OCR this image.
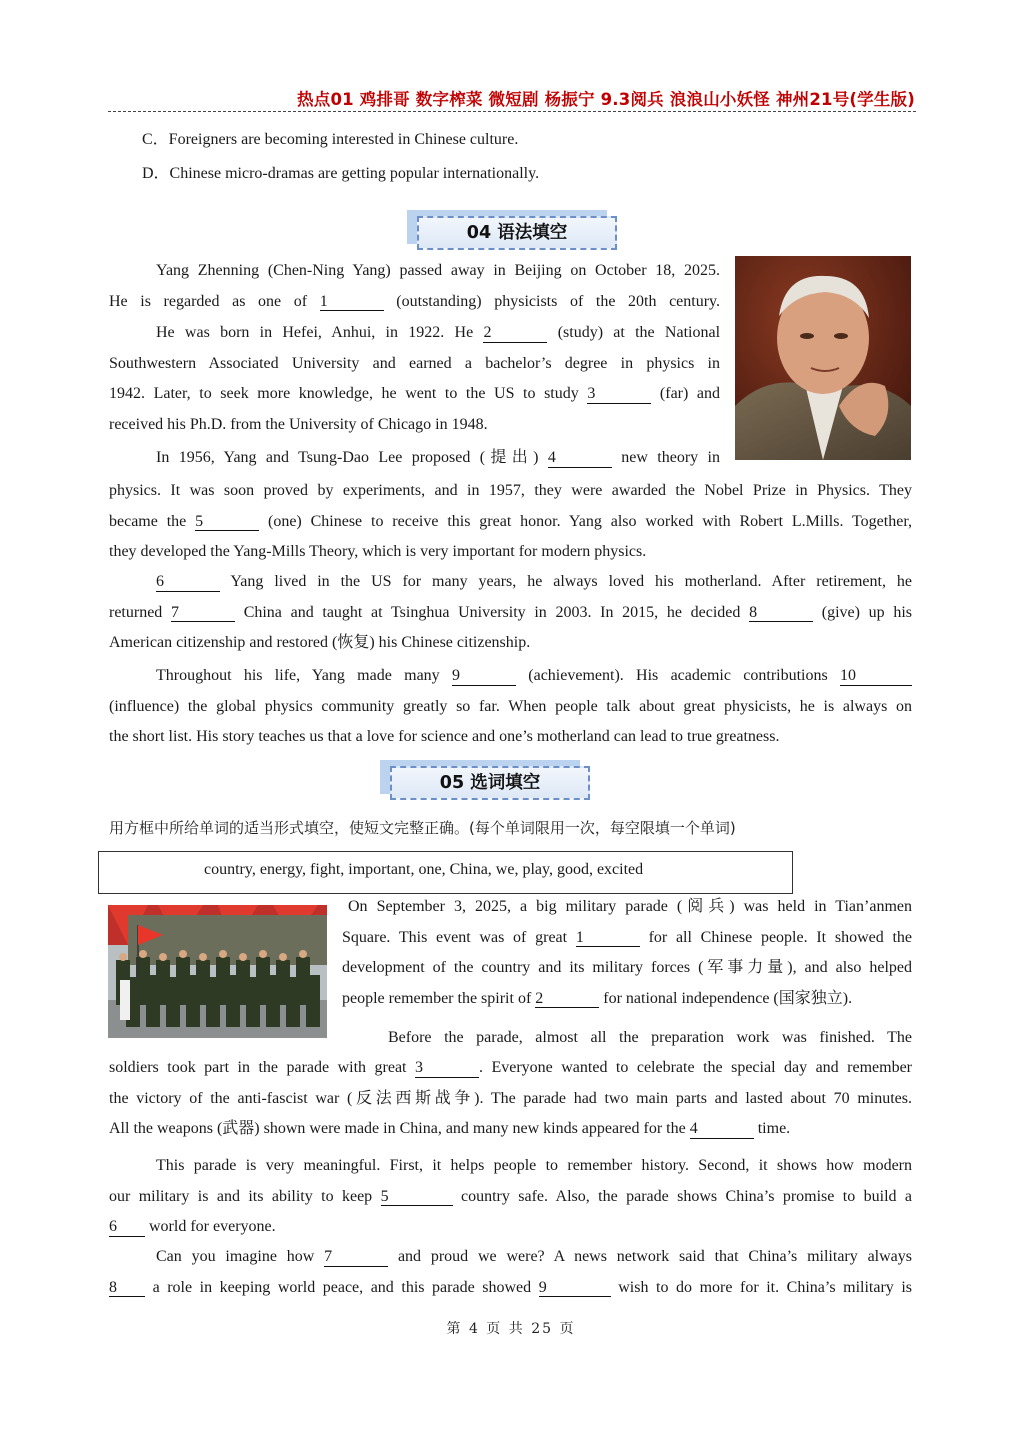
热点01 鸡排哥 数字榨菜 微短剧 杨振宁 9.3阅兵 浪浪山小妖怪 神州21号(学生版)
C．Foreigners are becoming interested in Chinese culture.
D．Chinese micro-dramas are getting popular internationally.
04 语法填空
Yang Zhenning (Chen-Ning Yang) passed away in Beijing on October 18, 2025.
He is regarded as one of 1	(outstanding) physicists of the 20th century.
He was born in Hefei, Anhui, in 1922. He 2	(study) at the National
Southwestern Associated University and earned a bachelor’s degree in physics in
1942. Later, to seek more knowledge, he went to the US to study 3	(far) and
received his Ph.D. from the University of Chicago in 1948.
In 1956, Yang and Tsung-Dao Lee proposed (提出) 4	new theory in
physics. It was soon proved by experiments, and in 1957, they were awarded the Nobel Prize in Physics. They
became the 5	(one) Chinese to receive this great honor. Yang also worked with Robert L.Mills. Together,
they developed the Yang-Mills Theory, which is very important for modern physics.
6	Yang lived in the US for many years, he always loved his motherland. After retirement, he
returned 7	China and taught at Tsinghua University in 2003. In 2015, he decided 8	(give) up his
American citizenship and restored (恢复) his Chinese citizenship.
Throughout his life, Yang made many 9	(achievement). His academic contributions 10
(influence) the global physics community greatly so far. When people talk about great physicists, he is always on
the short list. His story teaches us that a love for science and one’s motherland can lead to true greatness.
05 选词填空
用方框中所给单词的适当形式填空，使短文完整正确。(每个单词限用一次，每空限填一个单词)
country, energy, fight, important, one, China, we, play, good, excited
On September 3, 2025, a big military parade (阅兵) was held in Tian’anmen
Square. This event was of great 1	for all Chinese people. It showed the
development of the country and its military forces (军事力量), and also helped
people remember the spirit of 2	for national independence (国家独立).
Before the parade, almost all the preparation work was finished. The
soldiers took part in the parade with great 3	. Everyone wanted to celebrate the special day and remember
the victory of the anti-fascist war (反法西斯战争). The parade had two main parts and lasted about 70 minutes.
All the weapons (武器) shown were made in China, and many new kinds appeared for the 4	time.
This parade is very meaningful. First, it helps people to remember history. Second, it shows how modern
our military is and its ability to keep 5	country safe. Also, the parade shows China’s promise to build a
6 world for everyone.
Can you imagine how 7	and proud we were? A news network said that China’s military always
8 a role in keeping world peace, and this parade showed 9	wish to do more for it. China’s military is
第 4 页 共 25 页
